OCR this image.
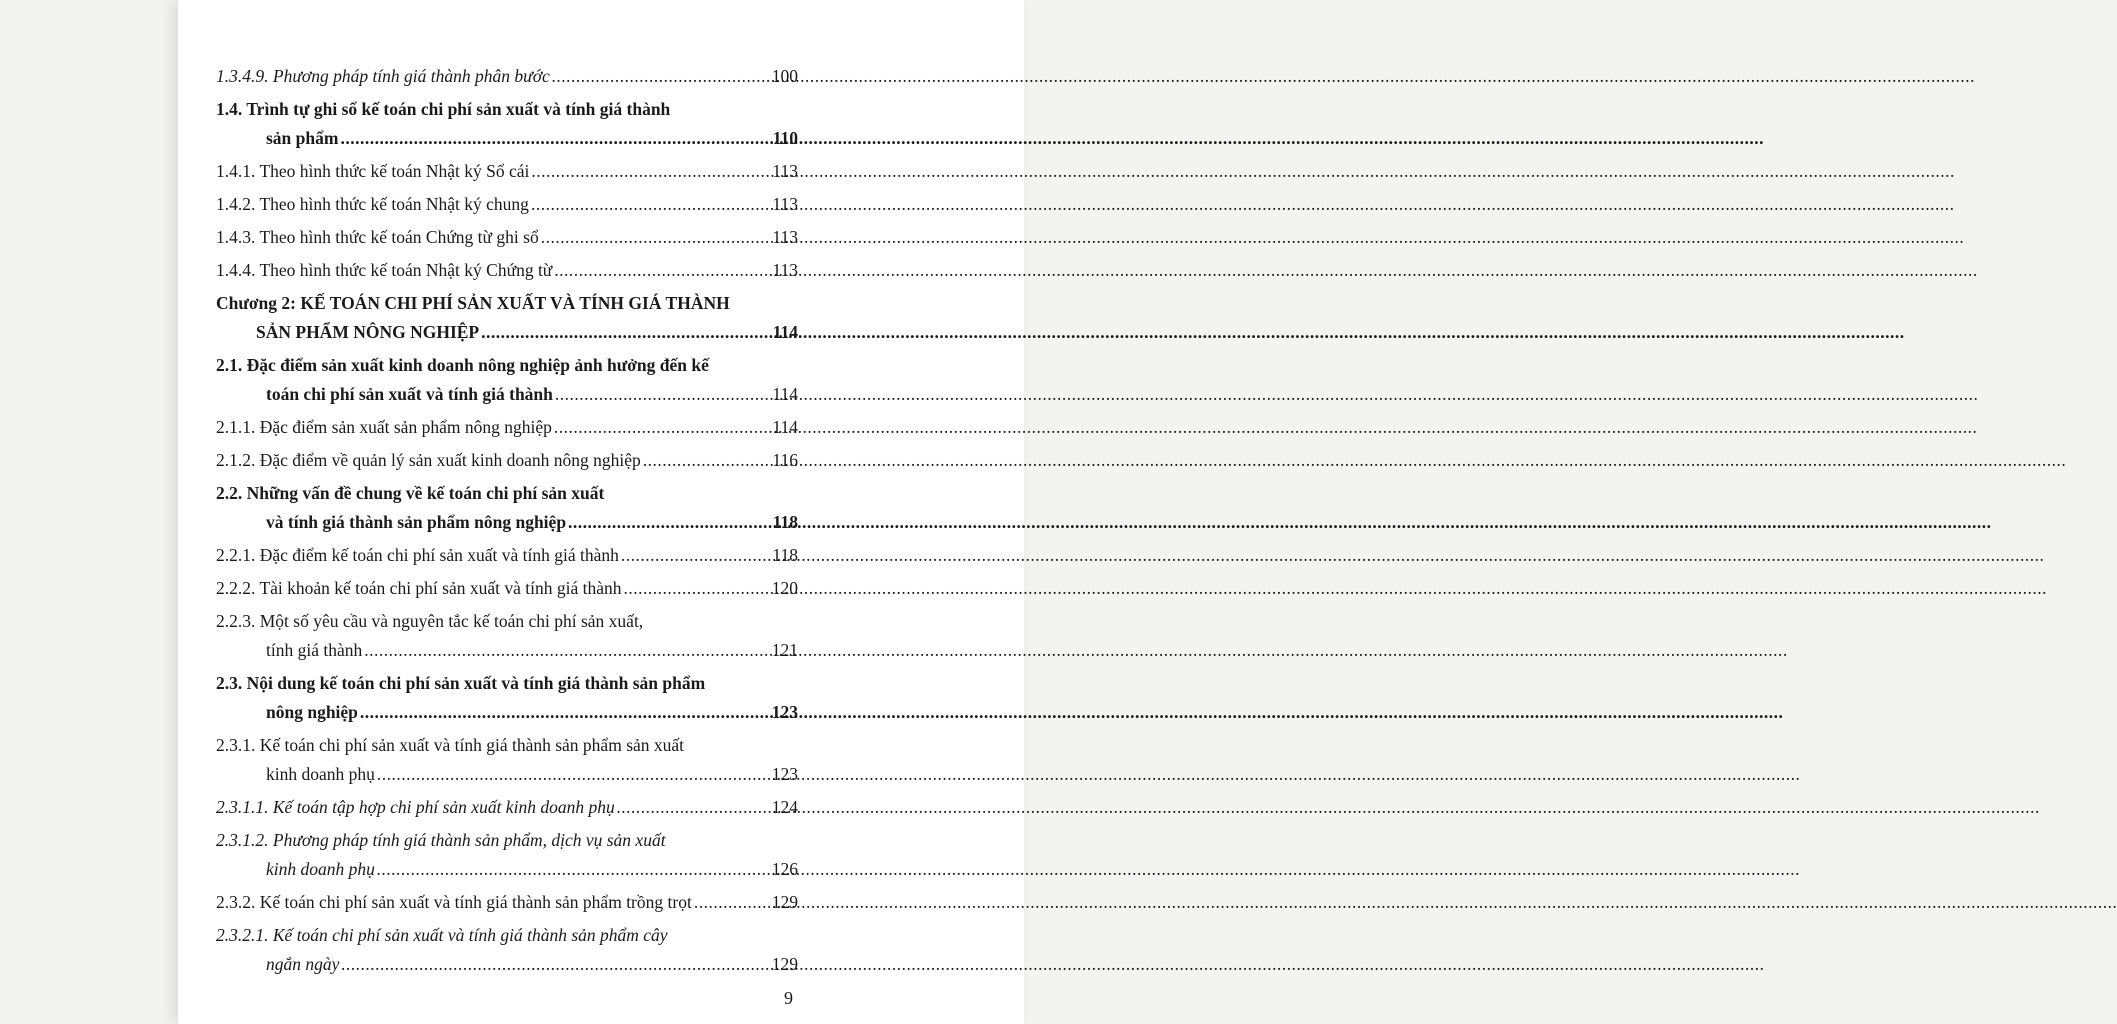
1.3.4.9. Phương pháp tính giá thành phân bước .....	100
1.4. Trình tự ghi sổ kế toán chi phí sản xuất và tính giá thành
sản phẩm .....	110
1.4.1. Theo hình thức kế toán Nhật ký Sổ cái .....	113
1.4.2. Theo hình thức kế toán Nhật ký chung .....	113
1.4.3. Theo hình thức kế toán Chứng từ ghi sổ .....	113
1.4.4. Theo hình thức kế toán Nhật ký Chứng từ .....	113
Chương 2: KẾ TOÁN CHI PHÍ SẢN XUẤT VÀ TÍNH GIÁ THÀNH
SẢN PHẨM NÔNG NGHIỆP .....	114
2.1. Đặc điểm sản xuất kinh doanh nông nghiệp ảnh hưởng đến kế
toán chi phí sản xuất và tính giá thành .....	114
2.1.1. Đặc điểm sản xuất sản phẩm nông nghiệp .....	114
2.1.2. Đặc điểm về quản lý sản xuất kinh doanh nông nghiệp .....	116
2.2. Những vấn đề chung về kế toán chi phí sản xuất
và tính giá thành sản phẩm nông nghiệp .....	118
2.2.1. Đặc điểm kế toán chi phí sản xuất và tính giá thành .....	118
2.2.2. Tài khoản kế toán chi phí sản xuất và tính giá thành .....	120
2.2.3. Một số yêu cầu và nguyên tắc kế toán chi phí sản xuất,
tính giá thành .....	121
2.3. Nội dung kế toán chi phí sản xuất và tính giá thành sản phẩm
nông nghiệp .....	123
2.3.1. Kế toán chi phí sản xuất và tính giá thành sản phẩm sản xuất
kinh doanh phụ .....	123
2.3.1.1. Kế toán tập hợp chi phí sản xuất kinh doanh phụ .....	124
2.3.1.2. Phương pháp tính giá thành sản phẩm, dịch vụ sản xuất
kinh doanh phụ .....	126
2.3.2. Kế toán chi phí sản xuất và tính giá thành sản phẩm trồng trọt .....	129
2.3.2.1. Kế toán chi phí sản xuất và tính giá thành sản phẩm cây
ngắn ngày .....	129
9
